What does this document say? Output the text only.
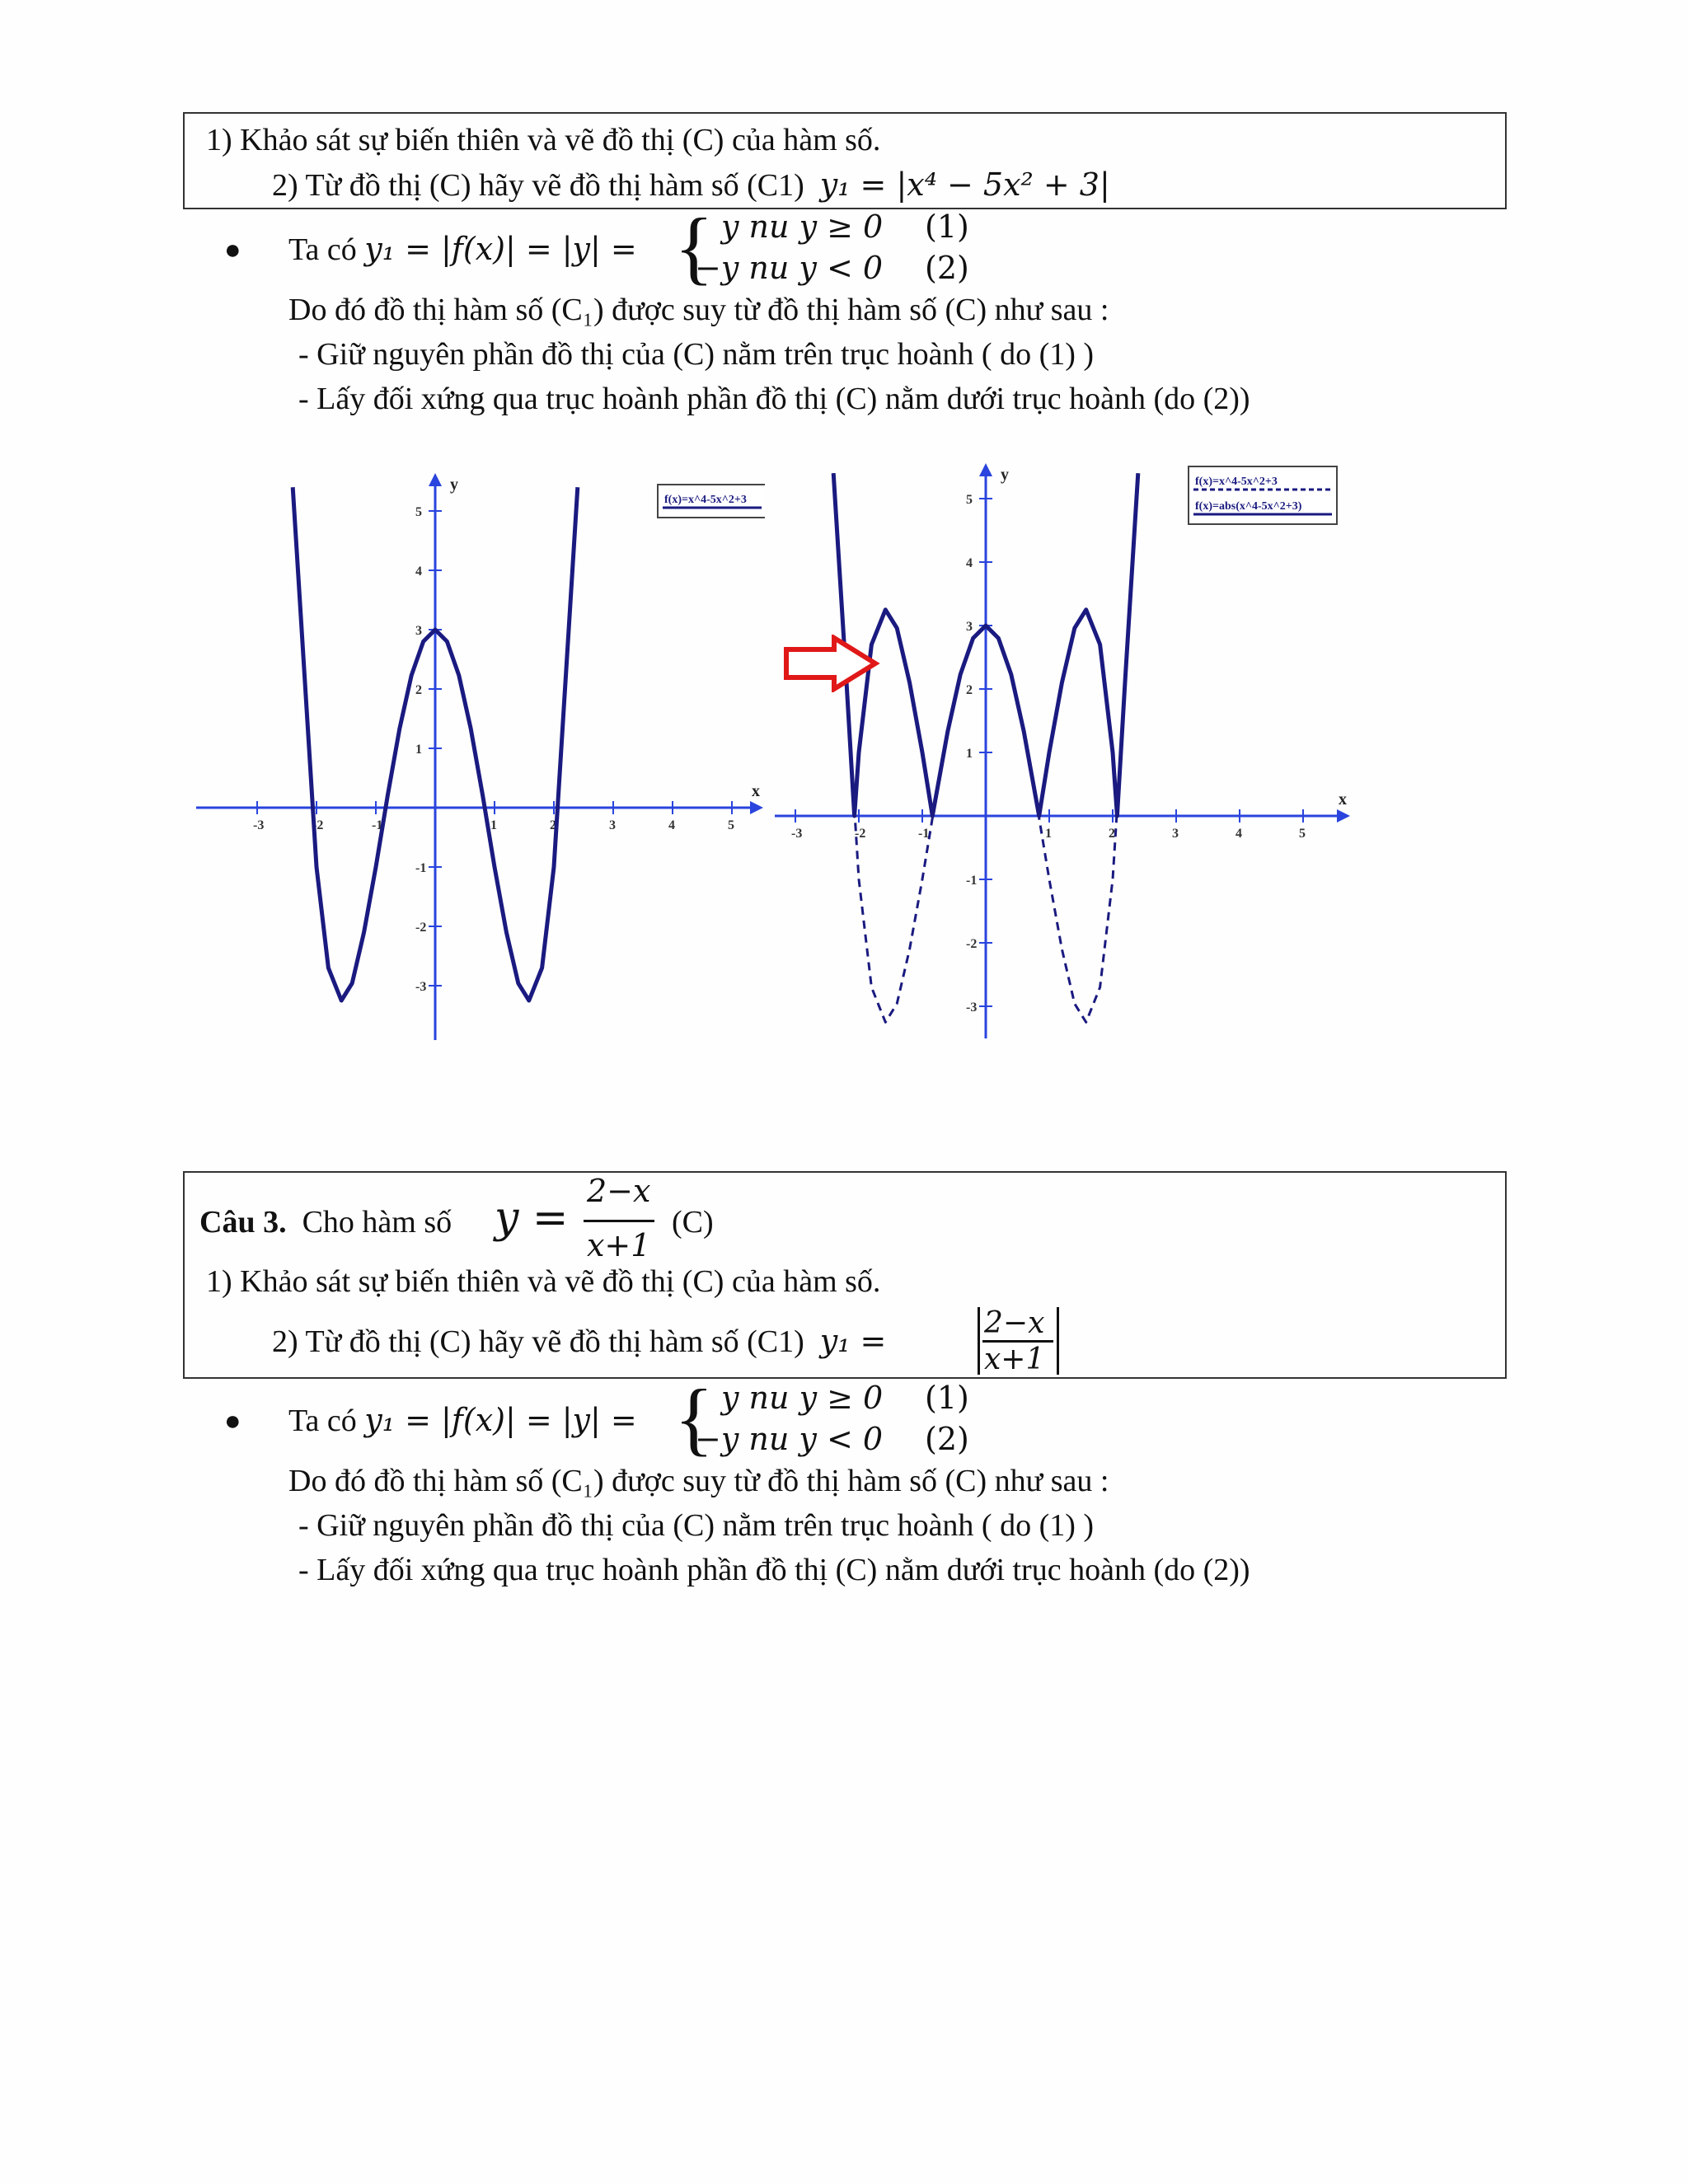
1) Khảo sát sự biến thiên và vẽ đồ thị (C) của hàm số.
2) Từ đồ thị (C) hãy vẽ đồ thị hàm số (C1) y₁ = |x⁴ − 5x² + 3|
● Ta có y₁ = |f(x)| = |y| = { y nu y ≥ 0 (1)
−y nu y < 0 (2)
Do đó đồ thị hàm số (C₁) được suy từ đồ thị hàm số (C) như sau :
- Giữ nguyên phần đồ thị của (C) nằm trên trục hoành ( do (1) )
- Lấy đối xứng qua trục hoành phần đồ thị (C) nằm dưới trục hoành (do (2))
x
y
-3	-2	-1	1	2	3	4	5
5
4
3
2
1
-1
-2
-3
f(x)=x^4-5x^2+3
x
y
-3	-2	-1	1	2	3	4	5
5
4
3
2
1
-1
-2
-3
f(x)=x^4-5x^2+3
f(x)=abs(x^4-5x^2+3)
Câu 3. Cho hàm số y =
2−x
x+1
(C)
1) Khảo sát sự biến thiên và vẽ đồ thị (C) của hàm số.
2) Từ đồ thị (C) hãy vẽ đồ thị hàm số (C1) y₁ =	2−x
x+1
● Ta có y₁ = |f(x)| = |y| = { y nu y ≥ 0 (1)
−y nu y < 0 (2)
Do đó đồ thị hàm số (C₁) được suy từ đồ thị hàm số (C) như sau :
- Giữ nguyên phần đồ thị của (C) nằm trên trục hoành ( do (1) )
- Lấy đối xứng qua trục hoành phần đồ thị (C) nằm dưới trục hoành (do (2))
